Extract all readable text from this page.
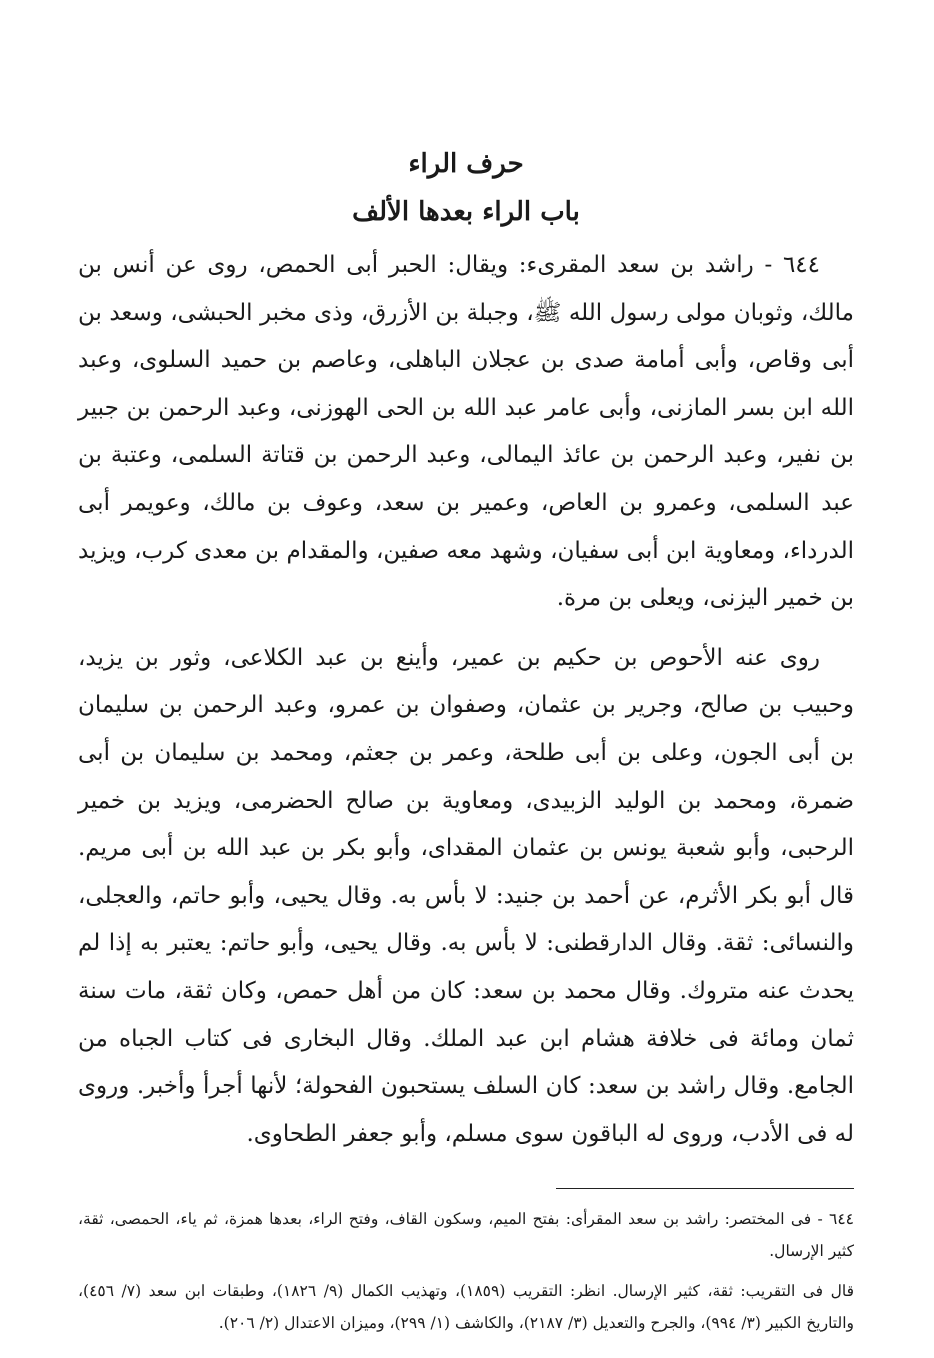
حرف الراء
باب الراء بعدها الألف

٦٤٤ - راشد بن سعد المقرىء: ويقال: الحبر أبى الحمص، روى عن أنس بن مالك، وثوبان مولى رسول الله ﷺ، وجبلة بن الأزرق، وذى مخبر الحبشى، وسعد بن أبى وقاص، وأبى أمامة صدى بن عجلان الباهلى، وعاصم بن حميد السلوى، وعبد الله ابن بسر المازنى، وأبى عامر عبد الله بن الحى الهوزنى، وعبد الرحمن بن جبير بن نفير، وعبد الرحمن بن عائذ اليمالى، وعبد الرحمن بن قتاتة السلمى، وعتبة بن عبد السلمى، وعمرو بن العاص، وعمير بن سعد، وعوف بن مالك، وعويمر أبى الدرداء، ومعاوية ابن أبى سفيان، وشهد معه صفين، والمقدام بن معدى كرب، ويزيد بن خمير اليزنى، ويعلى بن مرة.

روى عنه الأحوص بن حكيم بن عمير، وأينع بن عبد الكلاعى، وثور بن يزيد، وحبيب بن صالح، وجرير بن عثمان، وصفوان بن عمرو، وعبد الرحمن بن سليمان بن أبى الجون، وعلى بن أبى طلحة، وعمر بن جعثم، ومحمد بن سليمان بن أبى ضمرة، ومحمد بن الوليد الزبيدى، ومعاوية بن صالح الحضرمى، ويزيد بن خمير الرحبى، وأبو شعبة يونس بن عثمان المقداى، وأبو بكر بن عبد الله بن أبى مريم. قال أبو بكر الأثرم، عن أحمد بن جنيد: لا بأس به. وقال يحيى، وأبو حاتم، والعجلى، والنسائى: ثقة. وقال الدارقطنى: لا بأس به. وقال يحيى، وأبو حاتم: يعتبر به إذا لم يحدث عنه متروك. وقال محمد بن سعد: كان من أهل حمص، وكان ثقة، مات سنة ثمان ومائة فى خلافة هشام ابن عبد الملك. وقال البخارى فى كتاب الجباه من الجامع. وقال راشد بن سعد: كان السلف يستحبون الفحولة؛ لأنها أجرأ وأخبر. وروى له فى الأدب، وروى له الباقون سوى مسلم، وأبو جعفر الطحاوى.

٦٤٤ - فى المختصر: راشد بن سعد المقرأى: بفتح الميم، وسكون القاف، وفتح الراء، بعدها همزة، ثم ياء، الحمصى، ثقة، كثير الإرسال.

قال فى التقريب: ثقة، كثير الإرسال. انظر: التقريب (١٨٥٩)، وتهذيب الكمال (٩/ ١٨٢٦)، وطبقات ابن سعد (٧/ ٤٥٦)، والتاريخ الكبير (٣/ ٩٩٤)، والجرح والتعديل (٣/ ٢١٨٧)، والكاشف (١/ ٢٩٩)، وميزان الاعتدال (٢/ ٢٠٦).
